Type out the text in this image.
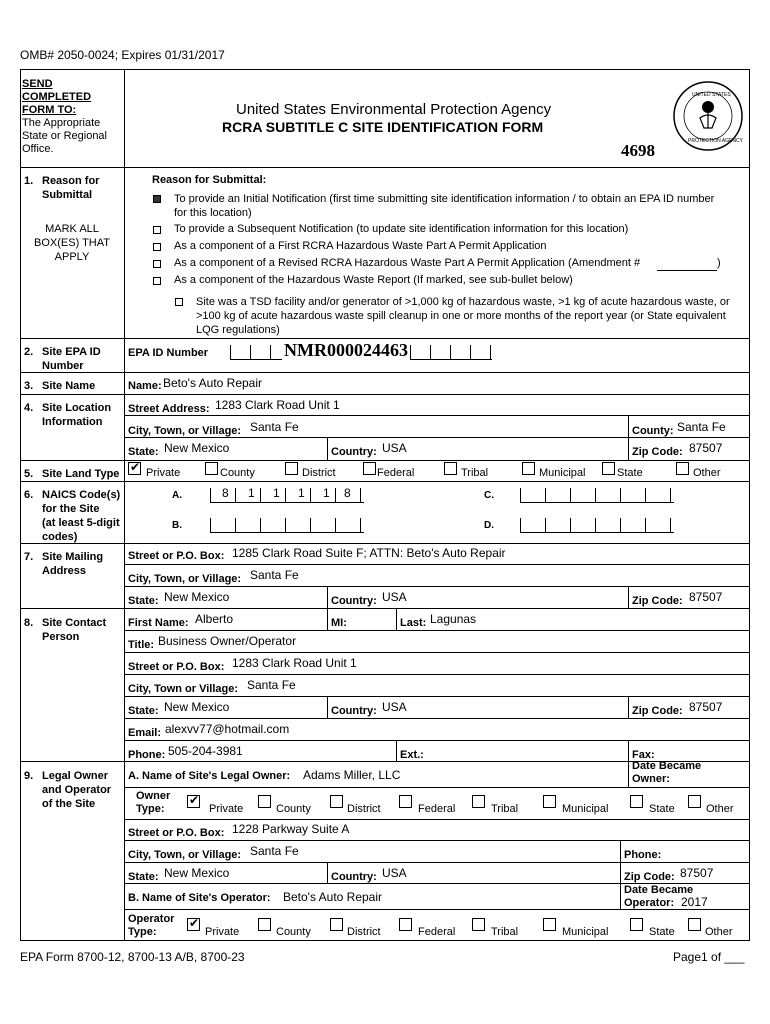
OMB# 2050-0024; Expires 01/31/2017
SEND
COMPLETED
FORM TO:
The Appropriate
State or Regional
Office.
United States Environmental Protection Agency
RCRA SUBTITLE C SITE IDENTIFICATION FORM
4698
UNITED STATES
PROTECTION AGENCY
1. Reason for
Submittal
MARK ALL
BOX(ES) THAT
APPLY
Reason for Submittal:
To provide an Initial Notification (first time submitting site identification information / to obtain an EPA ID number
for this location)
To provide a Subsequent Notification (to update site identification information for this location)
As a component of a First RCRA Hazardous Waste Part A Permit Application
As a component of a Revised RCRA Hazardous Waste Part A Permit Application (Amendment #	)
As a component of the Hazardous Waste Report (If marked, see sub-bullet below)
Site was a TSD facility and/or generator of >1,000 kg of hazardous waste, >1 kg of acute hazardous waste, or
>100 kg of acute hazardous waste spill cleanup in one or more months of the report year (or State equivalent
LQG regulations)
2. Site EPA ID
Number
EPA ID Number	NMR000024463
3. Site Name	Name: Beto's Auto Repair
4. Site Location
Information
Street Address: 1283 Clark Road Unit 1
City, Town, or Village: Santa Fe	County: Santa Fe
State: New Mexico	Country: USA	Zip Code: 87507
5. Site Land Type
✔ Private	County	District	Federal	Tribal	Municipal	State	Other
6. NAICS Code(s)
for the Site
(at least 5-digit
codes)
A.	8 1 1 1 1 8	C.
B.	D.
7. Site Mailing
Address
Street or P.O. Box: 1285 Clark Road Suite F; ATTN: Beto's Auto Repair
City, Town, or Village: Santa Fe
State: New Mexico	Country: USA	Zip Code: 87507
8. Site Contact
Person
First Name: Alberto	MI:	Last: Lagunas
Title: Business Owner/Operator
Street or P.O. Box: 1283 Clark Road Unit 1
City, Town or Village: Santa Fe
State: New Mexico	Country: USA	Zip Code: 87507
Email: alexvv77@hotmail.com
Phone: 505-204-3981	Ext.:	Fax:
9. Legal Owner
and Operator
of the Site
A. Name of Site's Legal Owner: Adams Miller, LLC
Date Became
Owner:
Owner
Type:
✔	Private	County	District	Federal	Tribal	Municipal	State	Other
Street or P.O. Box: 1228 Parkway Suite A
City, Town, or Village: Santa Fe	Phone:
State: New Mexico	Country: USA	Zip Code: 87507
B. Name of Site's Operator: Beto's Auto Repair	Date Became
Operator: 2017
Operator
Type:
✔	Private	County	District	Federal	Tribal	Municipal	State	Other
EPA Form 8700-12, 8700-13 A/B, 8700-23	Page1 of ___
